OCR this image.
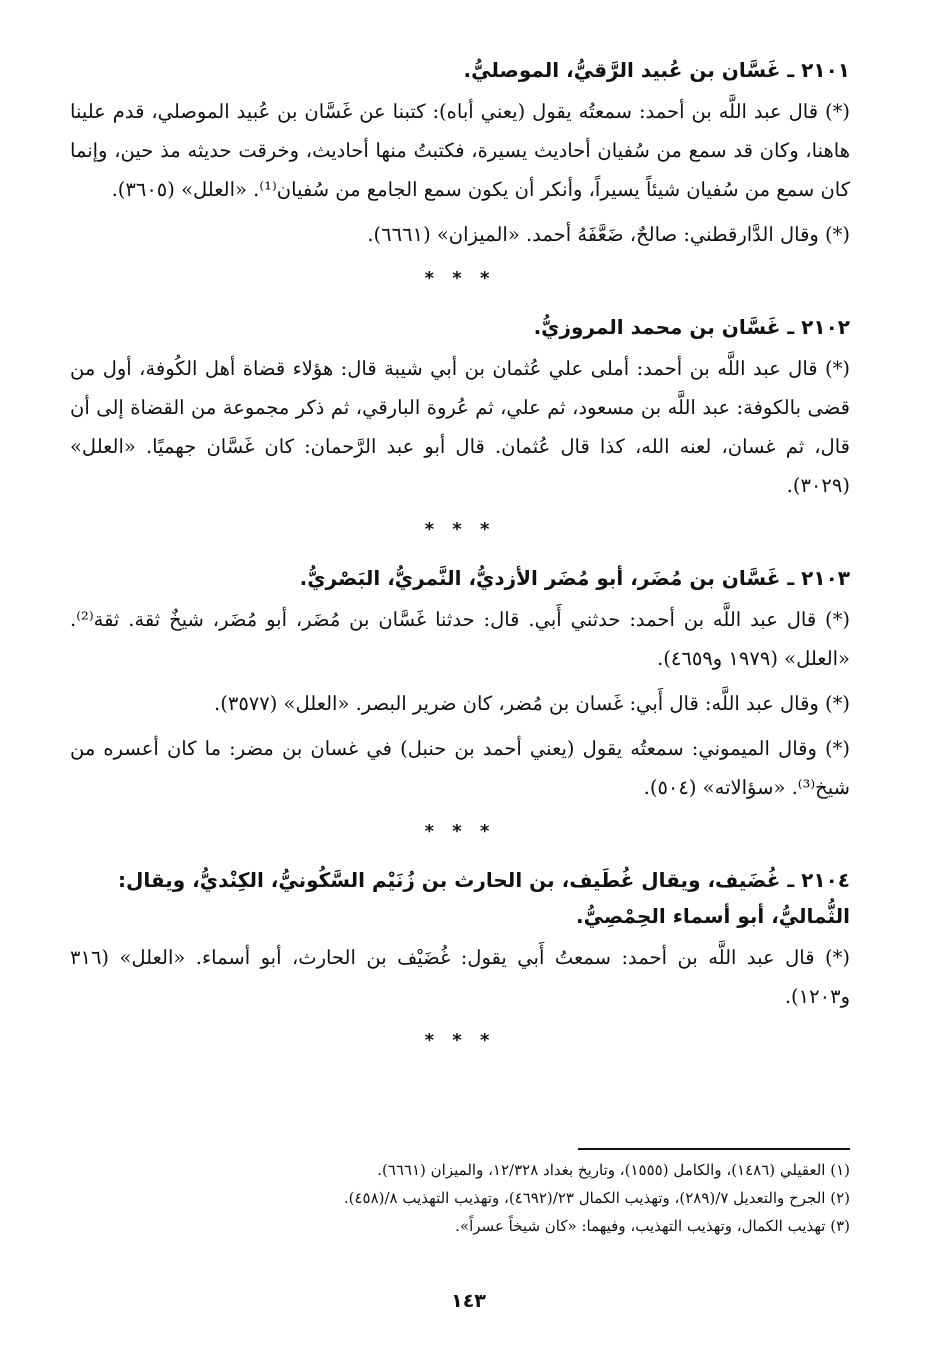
٢١٠١ ـ غَسَّان بن عُبيد الرَّقيُّ، الموصليُّ.

(*) قال عبد اللَّه بن أحمد: سمعتُه يقول (يعني أباه): كتبنا عن غَسَّان بن عُبيد الموصلي، قدم علينا هاهنا، وكان قد سمع من سُفيان أحاديث يسيرة، فكتبتُ منها أحاديث، وخرقت حديثه مذ حين، وإنما كان سمع من سُفيان شيئاً يسيراً، وأنكر أن يكون سمع الجامع من سُفيان⁽¹⁾. «العلل» (٣٦٠٥).

(*) وقال الدَّارقطني: صالحٌ، ضَعَّفَهُ أحمد. «الميزان» (٦٦٦١).

* * *
٢١٠٢ ـ غَسَّان بن محمد المروزيُّ.

(*) قال عبد اللَّه بن أحمد: أملى علي عُثمان بن أبي شيبة قال: هؤلاء قضاة أهل الكُوفة، أول من قضى بالكوفة: عبد اللَّه بن مسعود، ثم علي، ثم عُروة البارقي، ثم ذكر مجموعة من القضاة إلى أن قال، ثم غسان، لعنه الله، كذا قال عُثمان. قال أبو عبد الرَّحمان: كان غَسَّان جهميًا. «العلل» (٣٠٢٩).

* * *
٢١٠٣ ـ غَسَّان بن مُضَر، أبو مُضَر الأزديُّ، النَّمريُّ، البَصْريُّ.

(*) قال عبد اللَّه بن أحمد: حدثني أَبي. قال: حدثنا غَسَّان بن مُضَر، أبو مُضَر، شيخٌ ثقة. ثقة⁽²⁾. «العلل» (١٩٧٩ و٤٦٥٩).

(*) وقال عبد اللَّه: قال أَبي: غَسان بن مُضر، كان ضرير البصر. «العلل» (٣٥٧٧).

(*) وقال الميموني: سمعتُه يقول (يعني أحمد بن حنبل) في غسان بن مضر: ما كان أعسره من شيخ⁽³⁾. «سؤالاته» (٥٠٤).

* * *
٢١٠٤ ـ غُضَيف، ويقال غُطَيف، بن الحارث بن زُنَيْم السَّكُونيُّ، الكِنْديُّ، ويقال: الثُّماليُّ، أبو أسماء الحِمْصِيُّ.

(*) قال عبد اللَّه بن أحمد: سمعتُ أَبي يقول: غُضَيْف بن الحارث، أبو أسماء. «العلل» (٣١٦ و١٢٠٣).

* * *
(١) العقيلي (١٤٨٦)، والكامل (١٥٥٥)، وتاريخ بغداد ١٢/٣٢٨، والميزان (٦٦٦١).
(٢) الجرح والتعديل ٧/(٢٨٩)، وتهذيب الكمال ٢٣/(٤٦٩٢)، وتهذيب التهذيب ٨/(٤٥٨).
(٣) تهذيب الكمال، وتهذيب التهذيب، وفيهما: «كان شيخاً عسراً».
١٤٣
